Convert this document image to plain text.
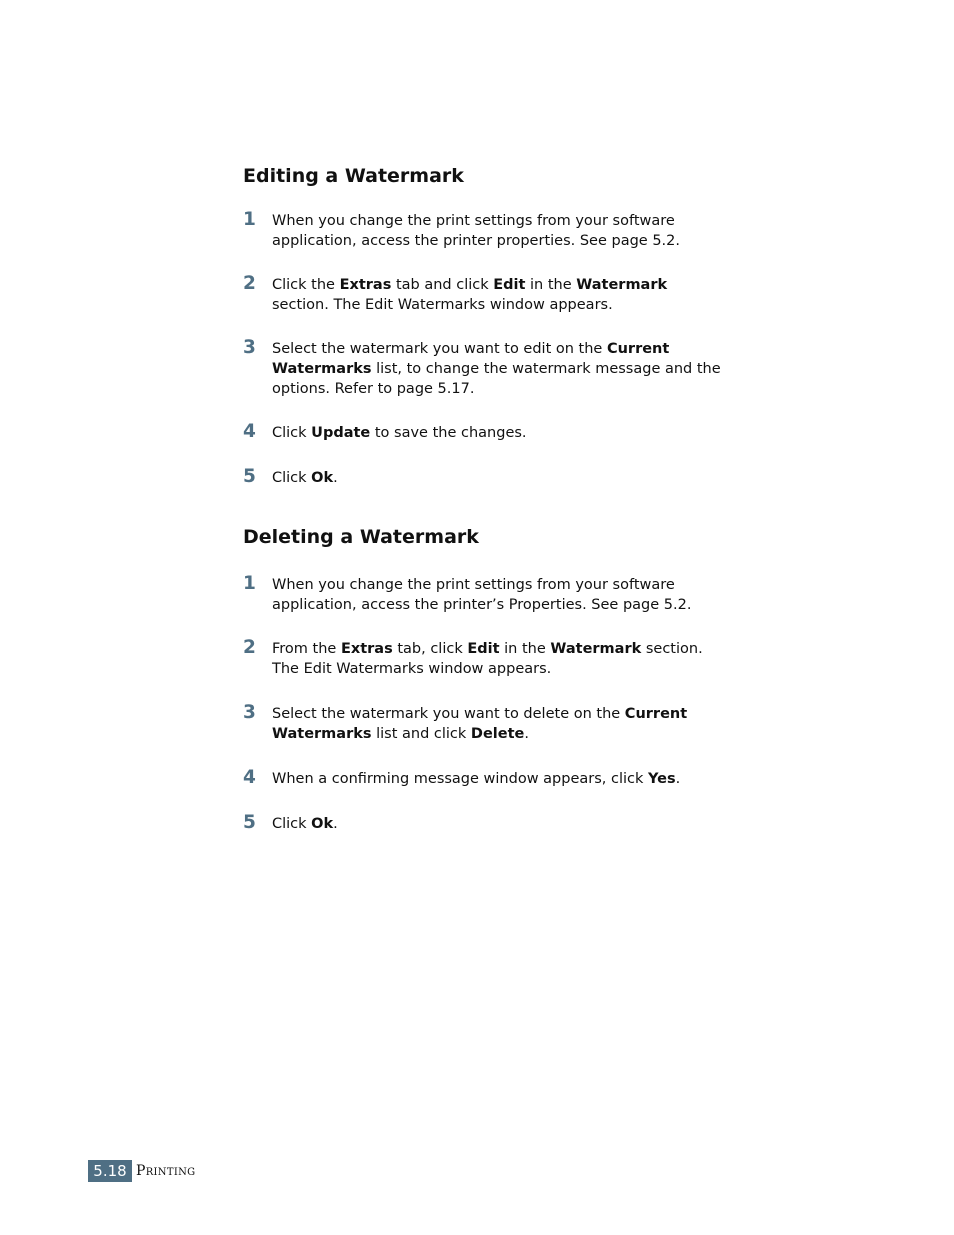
Editing a Watermark
1 When you change the print settings from your software application, access the printer properties. See page 5.2.
2 Click the Extras tab and click Edit in the Watermark section. The Edit Watermarks window appears.
3 Select the watermark you want to edit on the Current Watermarks list, to change the watermark message and the options. Refer to page 5.17.
4 Click Update to save the changes.
5 Click Ok.
Deleting a Watermark
1 When you change the print settings from your software application, access the printer’s Properties. See page 5.2.
2 From the Extras tab, click Edit in the Watermark section. The Edit Watermarks window appears.
3 Select the watermark you want to delete on the Current Watermarks list and click Delete.
4 When a confirming message window appears, click Yes.
5 Click Ok.
5.18 Printing
